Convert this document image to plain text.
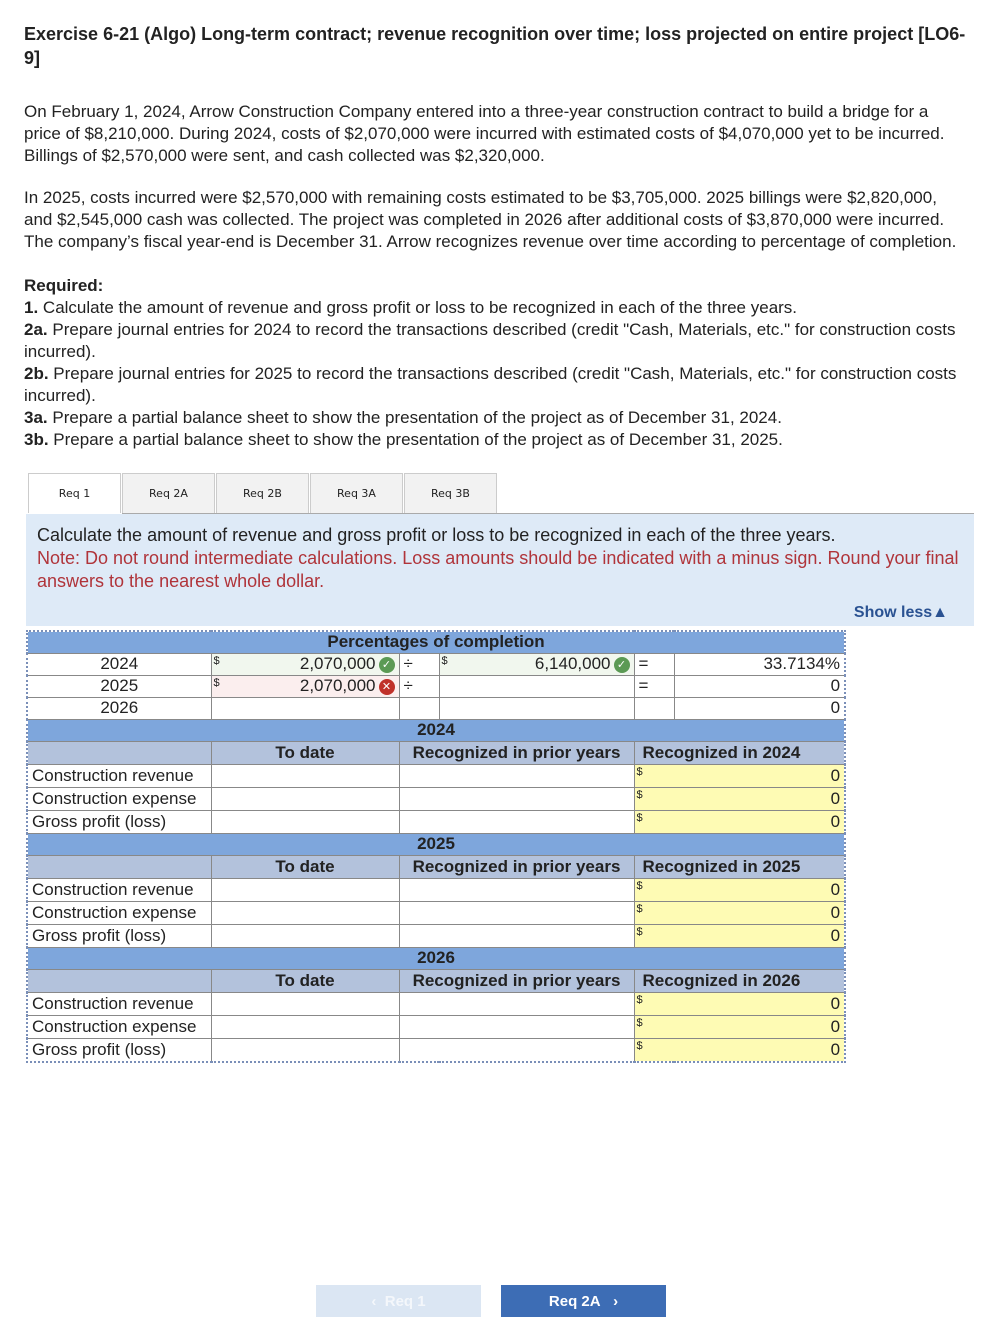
Exercise 6-21 (Algo) Long-term contract; revenue recognition over time; loss projected on entire project [LO6-9]
On February 1, 2024, Arrow Construction Company entered into a three-year construction contract to build a bridge for a price of $8,210,000. During 2024, costs of $2,070,000 were incurred with estimated costs of $4,070,000 yet to be incurred. Billings of $2,570,000 were sent, and cash collected was $2,320,000.
In 2025, costs incurred were $2,570,000 with remaining costs estimated to be $3,705,000. 2025 billings were $2,820,000, and $2,545,000 cash was collected. The project was completed in 2026 after additional costs of $3,870,000 were incurred. The company’s fiscal year-end is December 31. Arrow recognizes revenue over time according to percentage of completion.
Required:
1. Calculate the amount of revenue and gross profit or loss to be recognized in each of the three years.
2a. Prepare journal entries for 2024 to record the transactions described (credit "Cash, Materials, etc." for construction costs incurred).
2b. Prepare journal entries for 2025 to record the transactions described (credit "Cash, Materials, etc." for construction costs incurred).
3a. Prepare a partial balance sheet to show the presentation of the project as of December 31, 2024.
3b. Prepare a partial balance sheet to show the presentation of the project as of December 31, 2025.
Req 1	Req 2A	Req 2B	Req 3A	Req 3B
Calculate the amount of revenue and gross profit or loss to be recognized in each of the three years.
Note: Do not round intermediate calculations. Loss amounts should be indicated with a minus sign. Round your final answers to the nearest whole dollar.
Show less▲
Percentages of completion					
2024	$ 2,070,000 ✓	÷	$ 6,140,000 ✓	=	33.7134%
2025	$ 2,070,000 ✕	÷		=	0
2026					0
2024					
	To date	Recognized in prior years		Recognized in 2024	
Construction revenue				$ 0	
Construction expense				$ 0	
Gross profit (loss)				$ 0	
2025					
	To date	Recognized in prior years		Recognized in 2025	
Construction revenue				$ 0	
Construction expense				$ 0	
Gross profit (loss)				$ 0	
2026					
	To date	Recognized in prior years		Recognized in 2026	
Construction revenue				$ 0	
Construction expense				$ 0	
Gross profit (loss)				$ 0	
‹ Req 1	Req 2A ›
